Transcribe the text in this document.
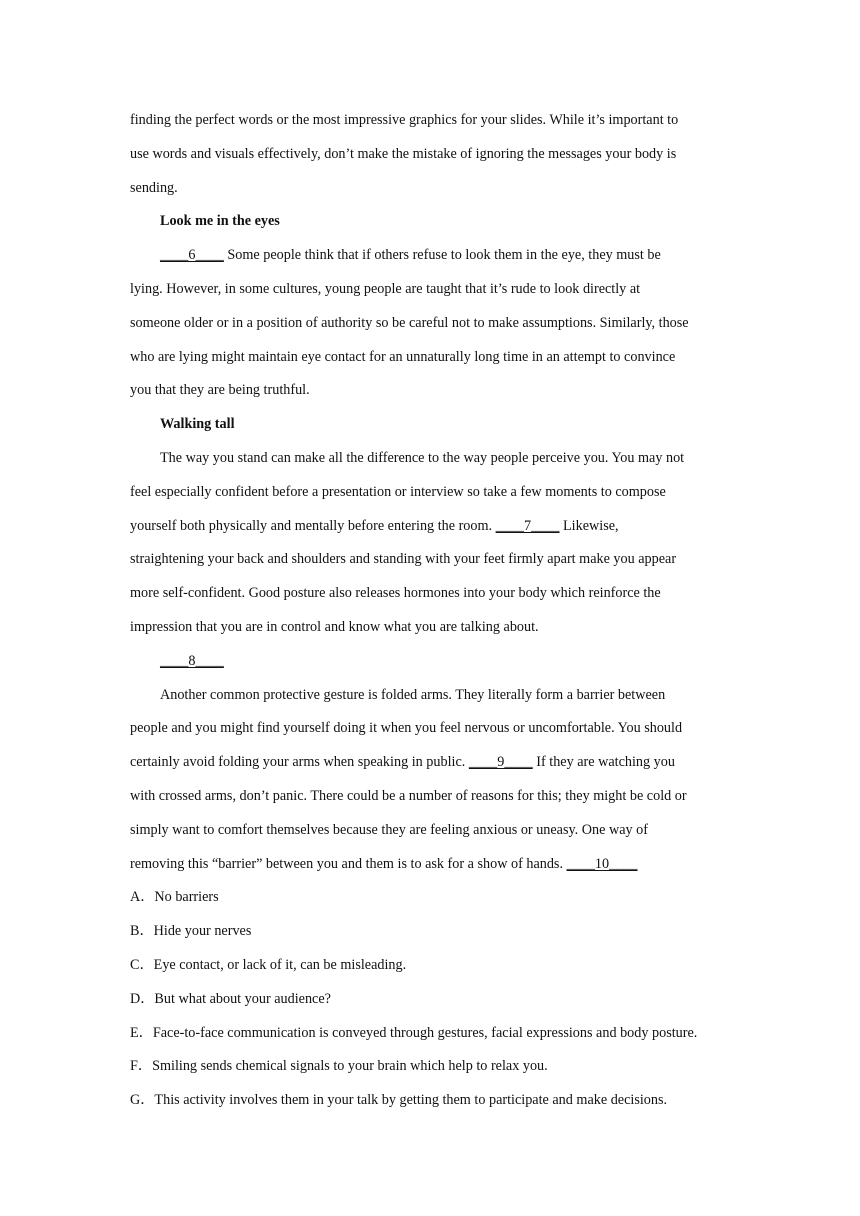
finding the perfect words or the most impressive graphics for your slides. While it’s important to
use words and visuals effectively, don’t make the mistake of ignoring the messages your body is
sending.
Look me in the eyes
____6____ Some people think that if others refuse to look them in the eye, they must be
lying. However, in some cultures, young people are taught that it’s rude to look directly at
someone older or in a position of authority so be careful not to make assumptions. Similarly, those
who are lying might maintain eye contact for an unnaturally long time in an attempt to convince
you that they are being truthful.
Walking tall
The way you stand can make all the difference to the way people perceive you. You may not
feel especially confident before a presentation or interview so take a few moments to compose
yourself both physically and mentally before entering the room. ____7____ Likewise,
straightening your back and shoulders and standing with your feet firmly apart make you appear
more self-confident. Good posture also releases hormones into your body which reinforce the
impression that you are in control and know what you are talking about.
____8____
Another common protective gesture is folded arms. They literally form a barrier between
people and you might find yourself doing it when you feel nervous or uncomfortable. You should
certainly avoid folding your arms when speaking in public. ____9____ If they are watching you
with crossed arms, don’t panic. There could be a number of reasons for this; they might be cold or
simply want to comfort themselves because they are feeling anxious or uneasy. One way of
removing this “barrier” between you and them is to ask for a show of hands. ____10____
A．No barriers
B．Hide your nerves
C．Eye contact, or lack of it, can be misleading.
D．But what about your audience?
E．Face-to-face communication is conveyed through gestures, facial expressions and body posture.
F．Smiling sends chemical signals to your brain which help to relax you.
G．This activity involves them in your talk by getting them to participate and make decisions.
